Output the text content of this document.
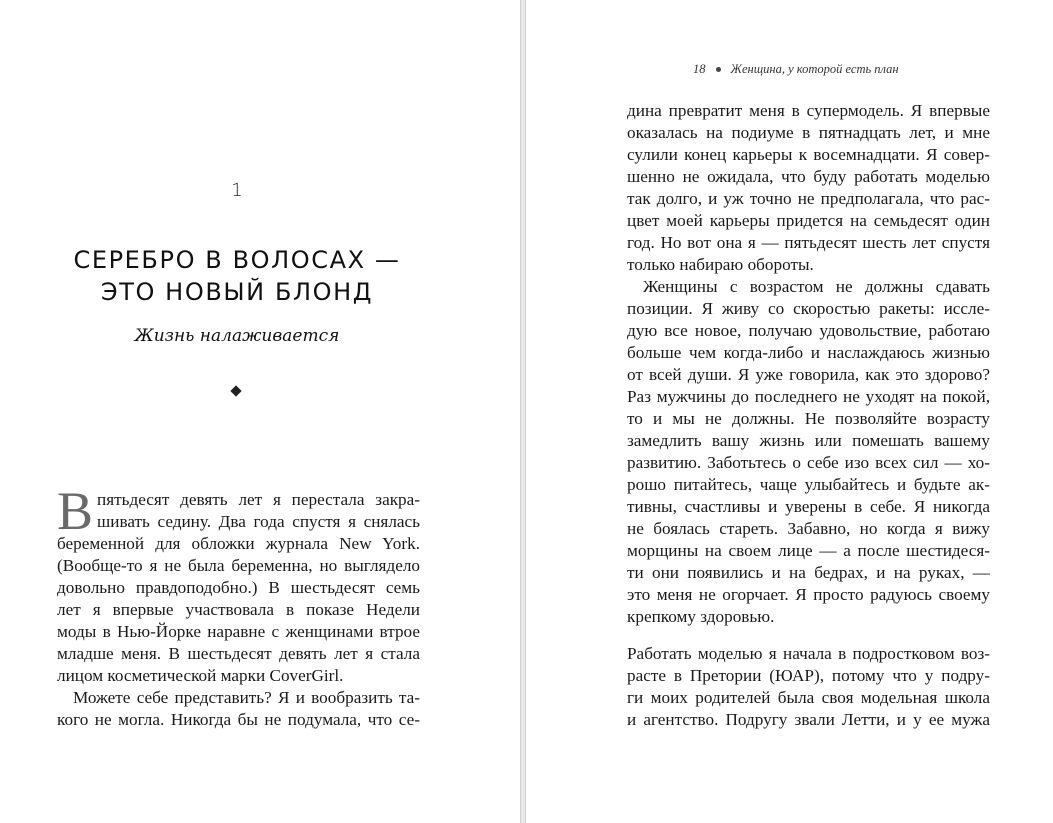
1
СЕРЕБРО В ВОЛОСАХ —
ЭТО НОВЫЙ БЛОНД
Жизнь налаживается
В пятьдесят девять лет я перестала закра-
шивать седину. Два года спустя я снялась
беременной для обложки журнала New York.
(Вообще-то я не была беременна, но выглядело
довольно правдоподобно.) В шестьдесят семь
лет я впервые участвовала в показе Недели
моды в Нью-Йорке наравне с женщинами втрое
младше меня. В шестьдесят девять лет я стала
лицом косметической марки CoverGirl.
Можете себе представить? Я и вообразить та-
кого не могла. Никогда бы не подумала, что се-
18 Женщина, у которой есть план
дина превратит меня в супермодель. Я впервые
оказалась на подиуме в пятнадцать лет, и мне
сулили конец карьеры к восемнадцати. Я совер-
шенно не ожидала, что буду работать моделью
так долго, и уж точно не предполагала, что рас-
цвет моей карьеры придется на семьдесят один
год. Но вот она я — пятьдесят шесть лет спустя
только набираю обороты.
Женщины с возрастом не должны сдавать
позиции. Я живу со скоростью ракеты: иссле-
дую все новое, получаю удовольствие, работаю
больше чем когда-либо и наслаждаюсь жизнью
от всей души. Я уже говорила, как это здорово?
Раз мужчины до последнего не уходят на покой,
то и мы не должны. Не позволяйте возрасту
замедлить вашу жизнь или помешать вашему
развитию. Заботьтесь о себе изо всех сил — хо-
рошо питайтесь, чаще улыбайтесь и будьте ак-
тивны, счастливы и уверены в себе. Я никогда
не боялась стареть. Забавно, но когда я вижу
морщины на своем лице — а после шестидеся-
ти они появились и на бедрах, и на руках, —
это меня не огорчает. Я просто радуюсь своему
крепкому здоровью.
Работать моделью я начала в подростковом воз-
расте в Претории (ЮАР), потому что у подру-
ги моих родителей была своя модельная школа
и агентство. Подругу звали Летти, и у ее мужа
